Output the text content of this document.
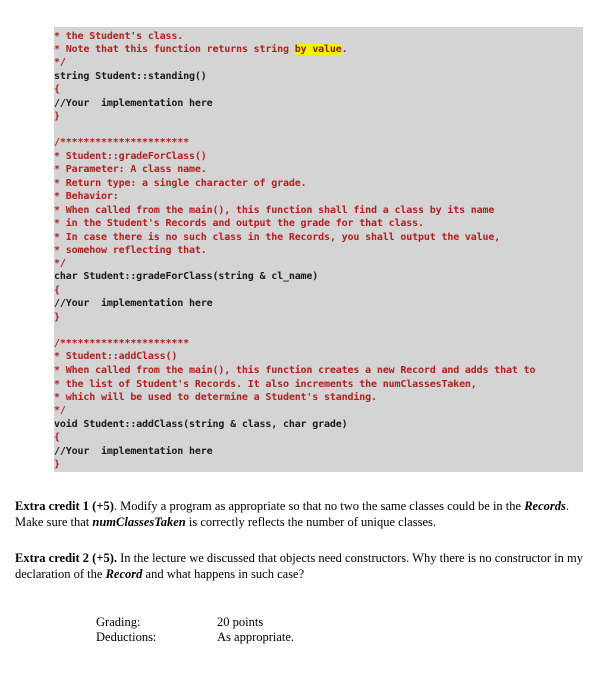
* the Student's class.
* Note that this function returns string by value.
*/
string Student::standing()
{
//Your  implementation here
}
/**********************
* Student::gradeForClass()
* Parameter: A class name.
* Return type: a single character of grade.
* Behavior:
* When called from the main(), this function shall find a class by its name
* in the Student's Records and output the grade for that class.
* In case there is no such class in the Records, you shall output the value,
* somehow reflecting that.
*/
char Student::gradeForClass(string & cl_name)
{
//Your  implementation here
}
/**********************
* Student::addClass()
* When called from the main(), this function creates a new Record and adds that to
* the list of Student's Records. It also increments the numClassesTaken,
* which will be used to determine a Student's standing.
*/
void Student::addClass(string & class, char grade)
{
//Your  implementation here
}

Extra credit 1 (+5). Modify a program as appropriate so that no two the same classes could be in the Records. Make sure that numClassesTaken is correctly reflects the number of unique classes.

Extra credit 2 (+5). In the lecture we discussed that objects need constructors. Why there is no constructor in my declaration of the Record and what happens in such case?

Grading:	20 points
Deductions:	As appropriate.
